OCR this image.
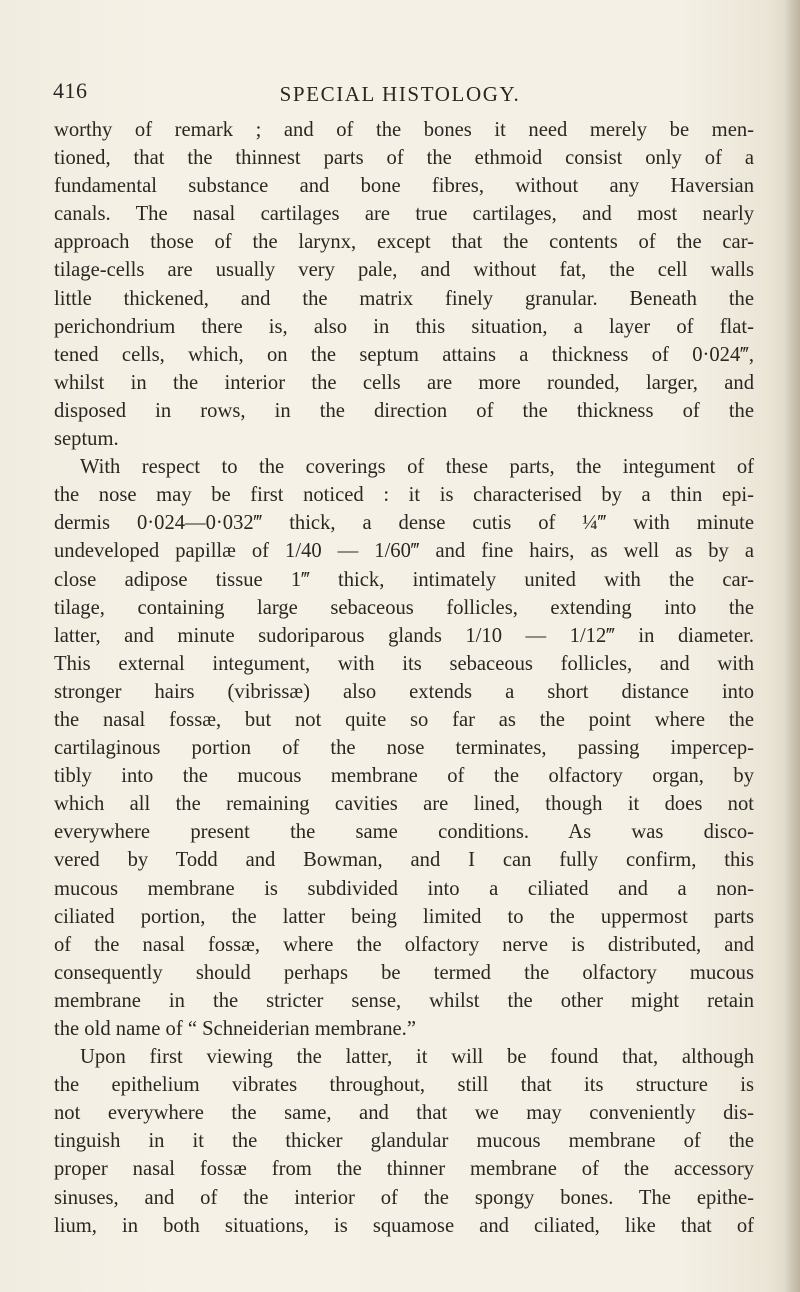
416	SPECIAL HISTOLOGY.
worthy of remark ; and of the bones it need merely be men-
tioned, that the thinnest parts of the ethmoid consist only of a
fundamental substance and bone fibres, without any Haversian
canals. The nasal cartilages are true cartilages, and most nearly
approach those of the larynx, except that the contents of the car-
tilage-cells are usually very pale, and without fat, the cell walls
little thickened, and the matrix finely granular. Beneath the
perichondrium there is, also in this situation, a layer of flat-
tened cells, which, on the septum attains a thickness of 0·024‴,
whilst in the interior the cells are more rounded, larger, and
disposed in rows, in the direction of the thickness of the
septum.
With respect to the coverings of these parts, the integument of
the nose may be first noticed : it is characterised by a thin epi-
dermis 0·024—0·032‴ thick, a dense cutis of ¼‴ with minute
undeveloped papillæ of 1/40 — 1/60‴ and fine hairs, as well as by a
close adipose tissue 1‴ thick, intimately united with the car-
tilage, containing large sebaceous follicles, extending into the
latter, and minute sudoriparous glands 1/10 — 1/12‴ in diameter.
This external integument, with its sebaceous follicles, and with
stronger hairs (vibrissæ) also extends a short distance into
the nasal fossæ, but not quite so far as the point where the
cartilaginous portion of the nose terminates, passing impercep-
tibly into the mucous membrane of the olfactory organ, by
which all the remaining cavities are lined, though it does not
everywhere present the same conditions. As was disco-
vered by Todd and Bowman, and I can fully confirm, this
mucous membrane is subdivided into a ciliated and a non-
ciliated portion, the latter being limited to the uppermost parts
of the nasal fossæ, where the olfactory nerve is distributed, and
consequently should perhaps be termed the olfactory mucous
membrane in the stricter sense, whilst the other might retain
the old name of “ Schneiderian membrane.”
Upon first viewing the latter, it will be found that, although
the epithelium vibrates throughout, still that its structure is
not everywhere the same, and that we may conveniently dis-
tinguish in it the thicker glandular mucous membrane of the
proper nasal fossæ from the thinner membrane of the accessory
sinuses, and of the interior of the spongy bones. The epithe-
lium, in both situations, is squamose and ciliated, like that of
